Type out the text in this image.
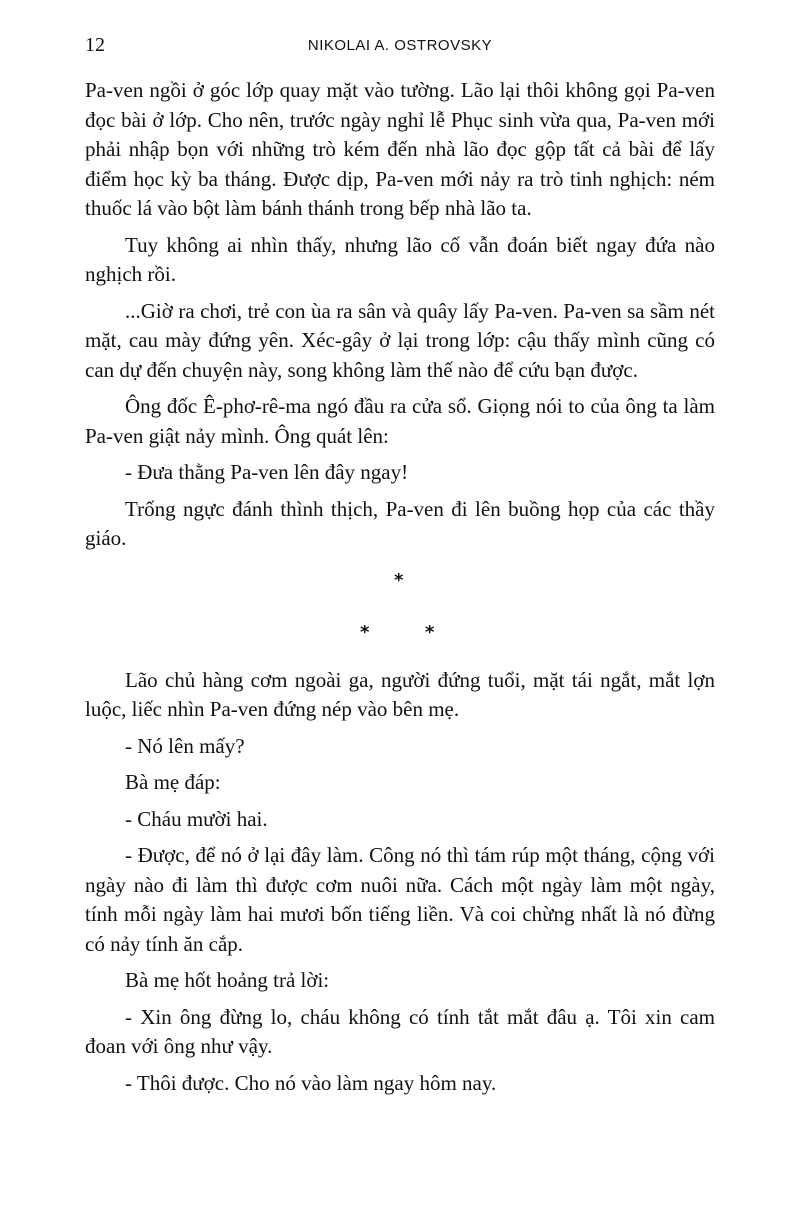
12	NIKOLAI A. OSTROVSKY

Pa-ven ngồi ở góc lớp quay mặt vào tường. Lão lại thôi không gọi Pa-ven đọc bài ở lớp. Cho nên, trước ngày nghỉ lễ Phục sinh vừa qua, Pa-ven mới phải nhập bọn với những trò kém đến nhà lão đọc gộp tất cả bài để lấy điểm học kỳ ba tháng. Được dịp, Pa-ven mới nảy ra trò tinh nghịch: ném thuốc lá vào bột làm bánh thánh trong bếp nhà lão ta.

Tuy không ai nhìn thấy, nhưng lão cố vẫn đoán biết ngay đứa nào nghịch rồi.

...Giờ ra chơi, trẻ con ùa ra sân và quây lấy Pa-ven. Pa-ven sa sầm nét mặt, cau mày đứng yên. Xéc-gây ở lại trong lớp: cậu thấy mình cũng có can dự đến chuyện này, song không làm thế nào để cứu bạn được.

Ông đốc Ê-phơ-rê-ma ngó đầu ra cửa sổ. Giọng nói to của ông ta làm Pa-ven giật nảy mình. Ông quát lên:

- Đưa thằng Pa-ven lên đây ngay!

Trống ngực đánh thình thịch, Pa-ven đi lên buồng họp của các thầy giáo.

*
*	*

Lão chủ hàng cơm ngoài ga, người đứng tuổi, mặt tái ngắt, mắt lợn luộc, liếc nhìn Pa-ven đứng nép vào bên mẹ.

- Nó lên mấy?

Bà mẹ đáp:

- Cháu mười hai.

- Được, để nó ở lại đây làm. Công nó thì tám rúp một tháng, cộng với ngày nào đi làm thì được cơm nuôi nữa. Cách một ngày làm một ngày, tính mỗi ngày làm hai mươi bốn tiếng liền. Và coi chừng nhất là nó đừng có nảy tính ăn cắp.

Bà mẹ hốt hoảng trả lời:

- Xin ông đừng lo, cháu không có tính tắt mắt đâu ạ. Tôi xin cam đoan với ông như vậy.

- Thôi được. Cho nó vào làm ngay hôm nay.
